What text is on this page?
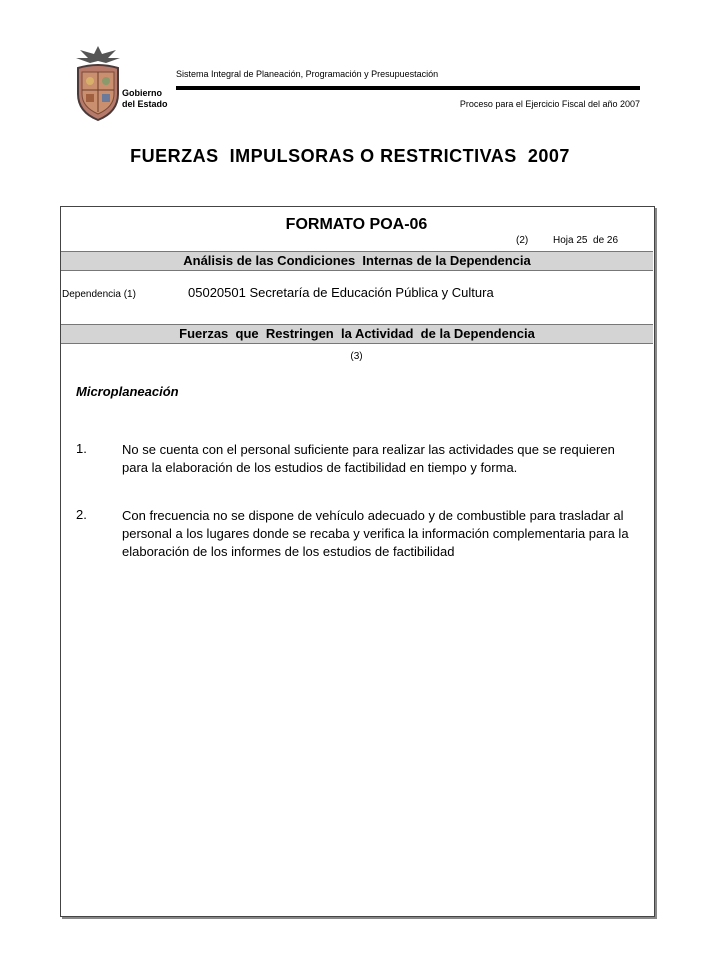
Gobierno
del Estado
Sistema Integral de Planeación, Programación y Presupuestación
Proceso para el Ejercicio Fiscal del año 2007
FUERZAS  IMPULSORAS O RESTRICTIVAS  2007
FORMATO POA-06
(2) Hoja 25  de 26
Análisis de las Condiciones  Internas de la Dependencia
Dependencia (1)	05020501 Secretaría de Educación Pública y Cultura
Fuerzas  que  Restringen  la Actividad  de la Dependencia
(3)
Microplaneación
1.	No se cuenta con el personal suficiente para realizar las actividades que se requieren para la elaboración de los estudios de factibilidad en tiempo y forma.
2.	Con frecuencia no se dispone de vehículo adecuado y de combustible para trasladar al personal a los lugares donde se recaba y verifica la información complementaria para la elaboración de los informes de los estudios de factibilidad
